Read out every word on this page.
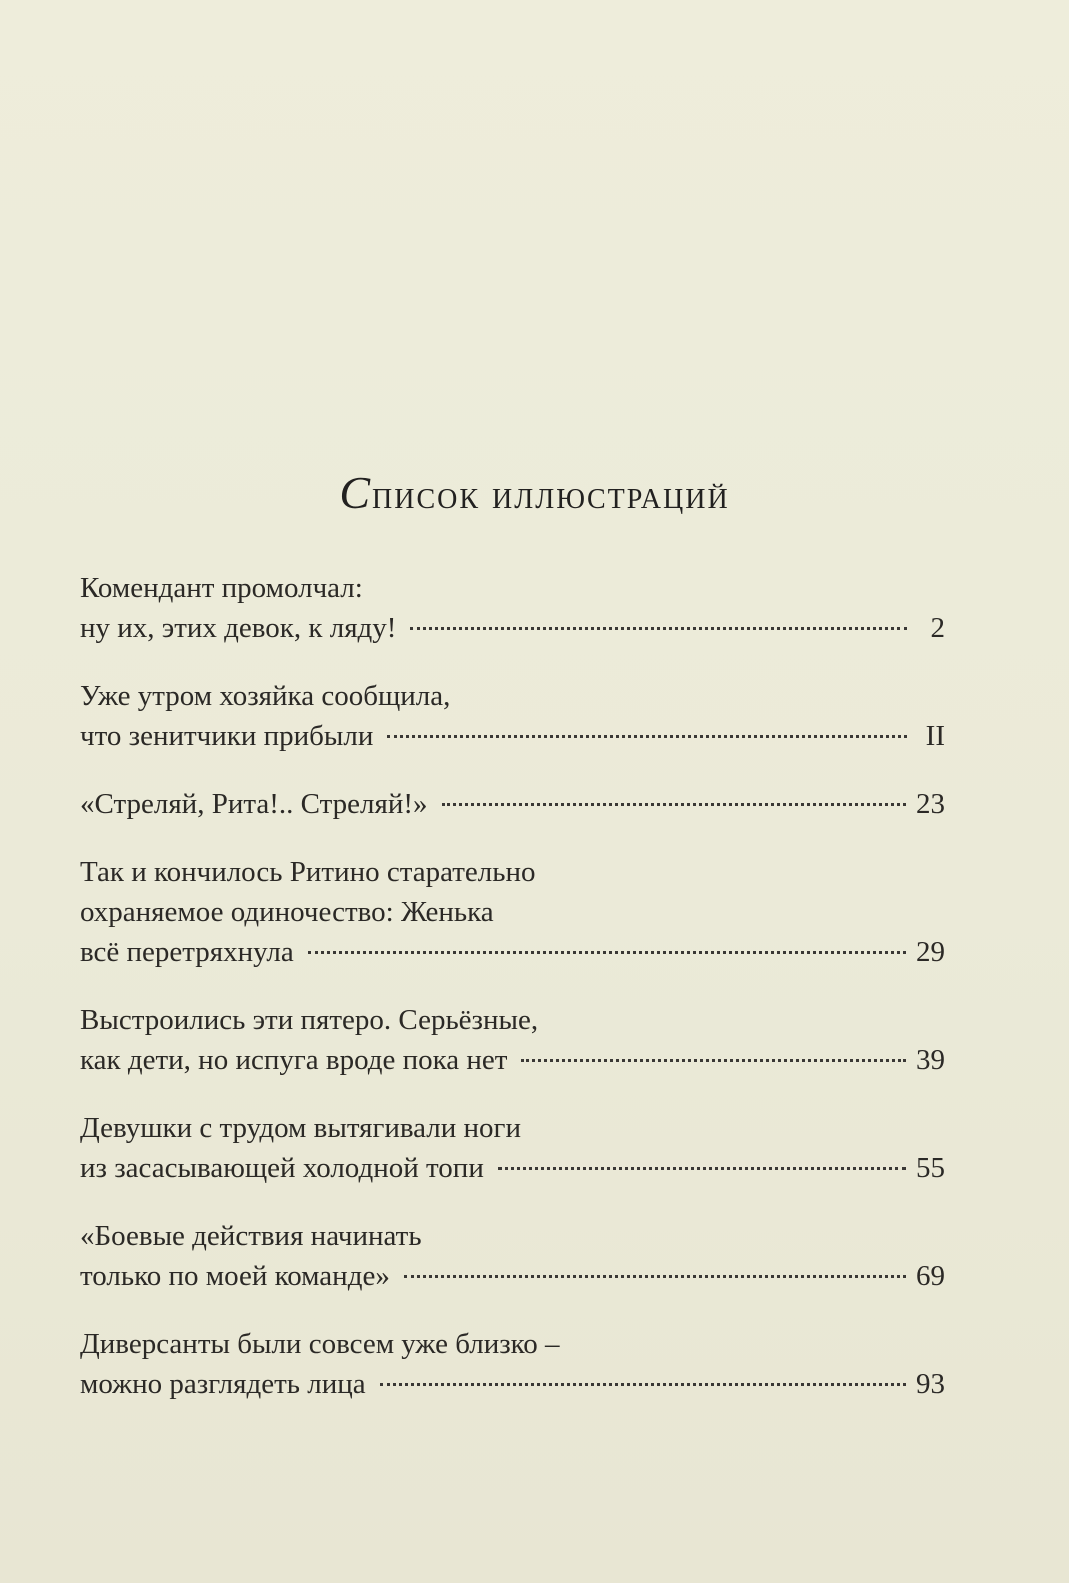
Список иллюстраций
Комендант промолчал:
ну их, этих девок, к ляду!	2
Уже утром хозяйка сообщила,
что зенитчики прибыли	II
«Стреляй, Рита!.. Стреляй!»	23
Так и кончилось Ритино старательно
охраняемое одиночество: Женька
всё перетряхнула	29
Выстроились эти пятеро. Серьёзные,
как дети, но испуга вроде пока нет	39
Девушки с трудом вытягивали ноги
из засасывающей холодной топи	55
«Боевые действия начинать
только по моей команде»	69
Диверсанты были совсем уже близко –
можно разглядеть лица	93
